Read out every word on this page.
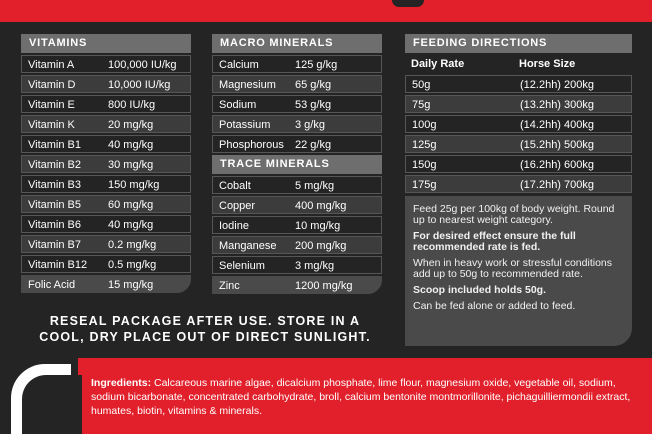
VITAMINS
Vitamin A	100,000 IU/kg
Vitamin D	10,000 IU/kg
Vitamin E	800 IU/kg
Vitamin K	20 mg/kg
Vitamin B1	40 mg/kg
Vitamin B2	30 mg/kg
Vitamin B3	150 mg/kg
Vitamin B5	60 mg/kg
Vitamin B6	40 mg/kg
Vitamin B7	0.2 mg/kg
Vitamin B12	0.5 mg/kg
Folic Acid	15 mg/kg
MACRO MINERALS
Calcium	125 g/kg
Magnesium	65 g/kg
Sodium	53 g/kg
Potassium	3 g/kg
Phosphorous	22 g/kg
TRACE MINERALS
Cobalt	5 mg/kg
Copper	400 mg/kg
Iodine	10 mg/kg
Manganese	200 mg/kg
Selenium	3 mg/kg
Zinc	1200 mg/kg
FEEDING DIRECTIONS
Daily Rate	Horse Size
50g	(12.2hh) 200kg
75g	(13.2hh) 300kg
100g	(14.2hh) 400kg
125g	(15.2hh) 500kg
150g	(16.2hh) 600kg
175g	(17.2hh) 700kg

Feed 25g per 100kg of body weight. Round up to nearest weight category.

For desired effect ensure the full recommended rate is fed.

When in heavy work or stressful conditions add up to 50g to recommended rate.

Scoop included holds 50g.

Can be fed alone or added to feed.

RESEAL PACKAGE AFTER USE. STORE IN A
COOL, DRY PLACE OUT OF DIRECT SUNLIGHT.
Ingredients: Calcareous marine algae, dicalcium phosphate, lime flour, magnesium oxide, vegetable oil, sodium, sodium bicarbonate, concentrated carbohydrate, broll, calcium bentonite montmorillonite, pichaguilliermondii extract, humates, biotin, vitamins & minerals.
